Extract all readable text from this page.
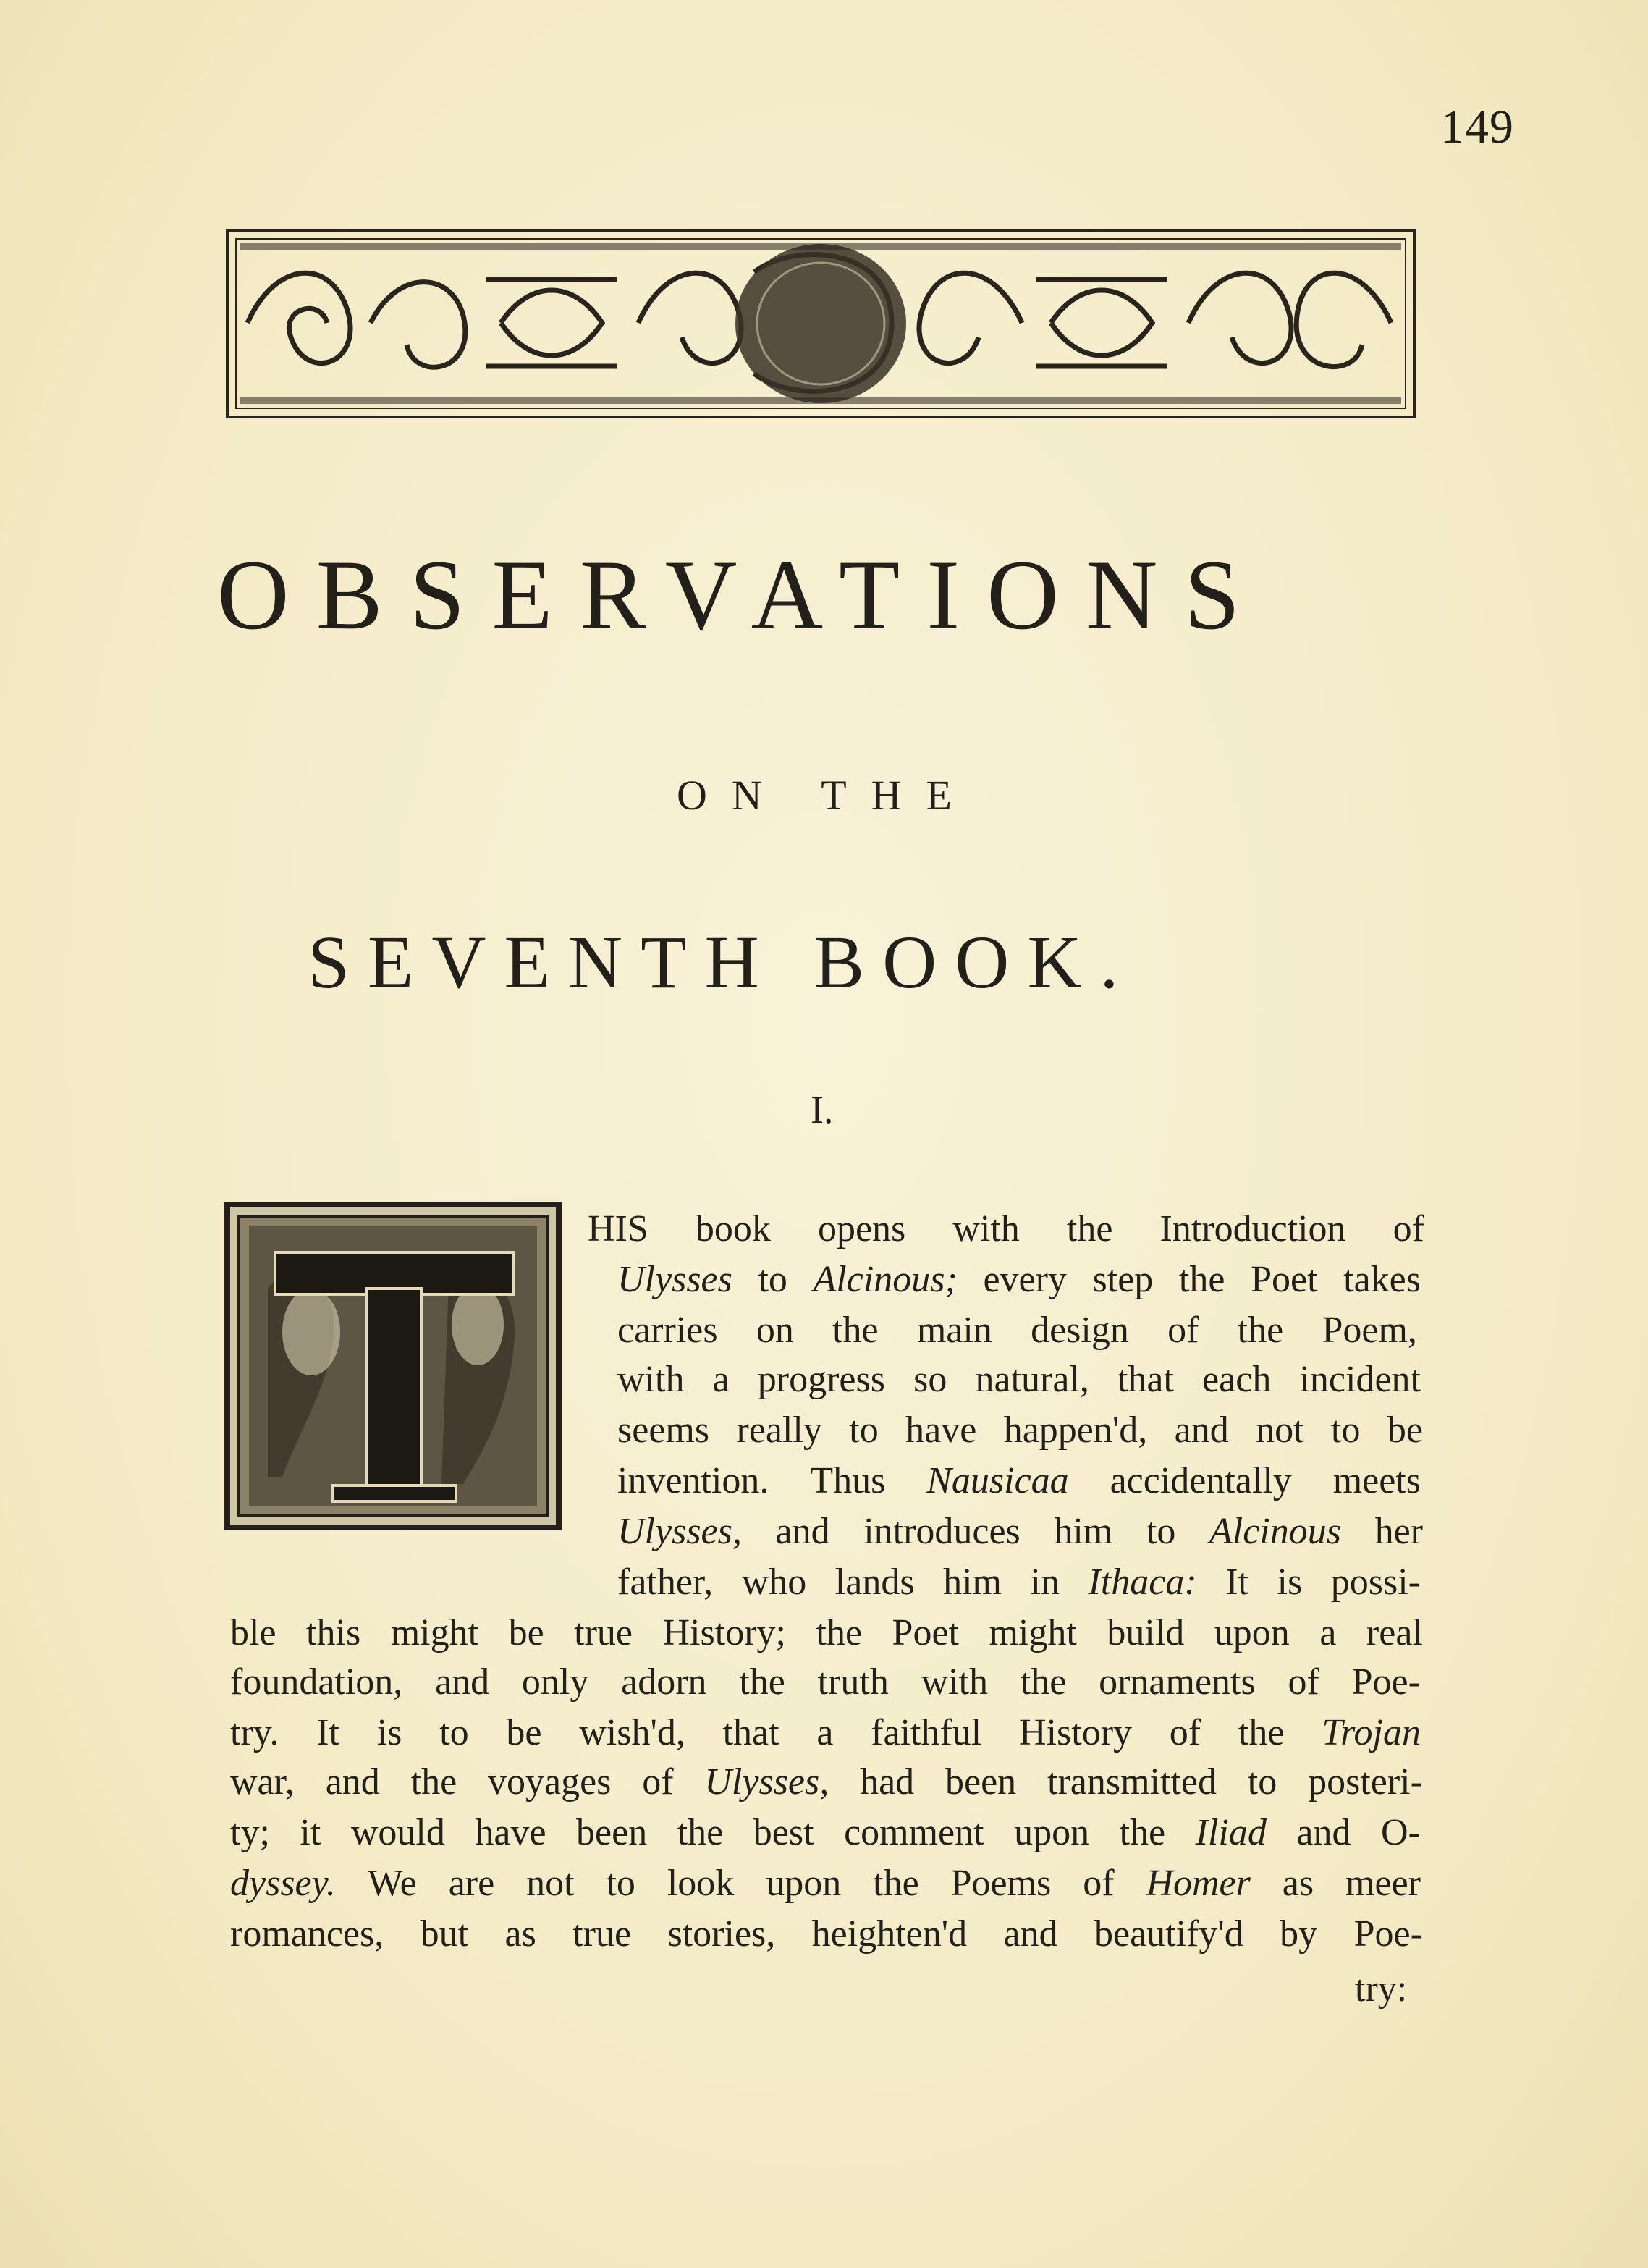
149
OBSERVATIONS
ON THE
SEVENTH BOOK.
I.
HIS book opens with the Introduction of
Ulysses to Alcinous; every step the Poet takes
carries on the main design of the Poem,
with a progress so natural, that each incident
seems really to have happen'd, and not to be
invention. Thus Nausicaa accidentally meets
Ulysses, and introduces him to Alcinous her
father, who lands him in Ithaca: It is possi-
ble this might be true History; the Poet might build upon a real
foundation, and only adorn the truth with the ornaments of Poe-
try. It is to be wish'd, that a faithful History of the Trojan
war, and the voyages of Ulysses, had been transmitted to posteri-
ty; it would have been the best comment upon the Iliad and O-
dyssey. We are not to look upon the Poems of Homer as meer
romances, but as true stories, heighten'd and beautify'd by Poe-
try:
